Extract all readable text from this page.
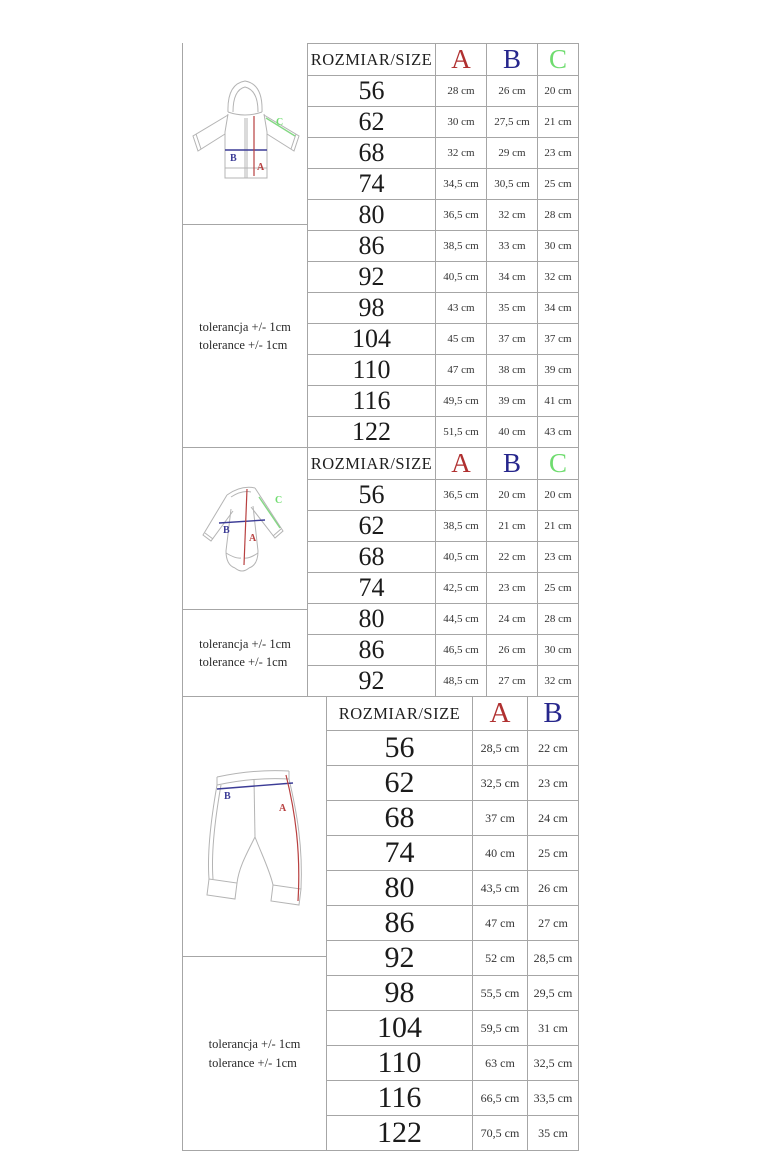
B
A
C
tolerancja +/- 1cm
tolerance +/- 1cm
ROZMIAR/SIZE	A	B	C
56	28 cm	26 cm	20 cm
62	30 cm	27,5 cm	21 cm
68	32 cm	29 cm	23 cm
74	34,5 cm	30,5 cm	25 cm
80	36,5 cm	32 cm	28 cm
86	38,5 cm	33 cm	30 cm
92	40,5 cm	34 cm	32 cm
98	43 cm	35 cm	34 cm
104	45 cm	37 cm	37 cm
110	47 cm	38 cm	39 cm
116	49,5 cm	39 cm	41 cm
122	51,5 cm	40 cm	43 cm
B
A
C
tolerancja +/- 1cm
tolerance +/- 1cm
ROZMIAR/SIZE	A	B	C
56	36,5 cm	20 cm	20 cm
62	38,5 cm	21 cm	21 cm
68	40,5 cm	22 cm	23 cm
74	42,5 cm	23 cm	25 cm
80	44,5 cm	24 cm	28 cm
86	46,5 cm	26 cm	30 cm
92	48,5 cm	27 cm	32 cm
B
A
tolerancja +/- 1cm
tolerance +/- 1cm
ROZMIAR/SIZE	A	B
56	28,5 cm	22 cm
62	32,5 cm	23 cm
68	37 cm	24 cm
74	40 cm	25 cm
80	43,5 cm	26 cm
86	47 cm	27 cm
92	52 cm	28,5 cm
98	55,5 cm	29,5 cm
104	59,5 cm	31 cm
110	63 cm	32,5 cm
116	66,5 cm	33,5 cm
122	70,5 cm	35 cm
